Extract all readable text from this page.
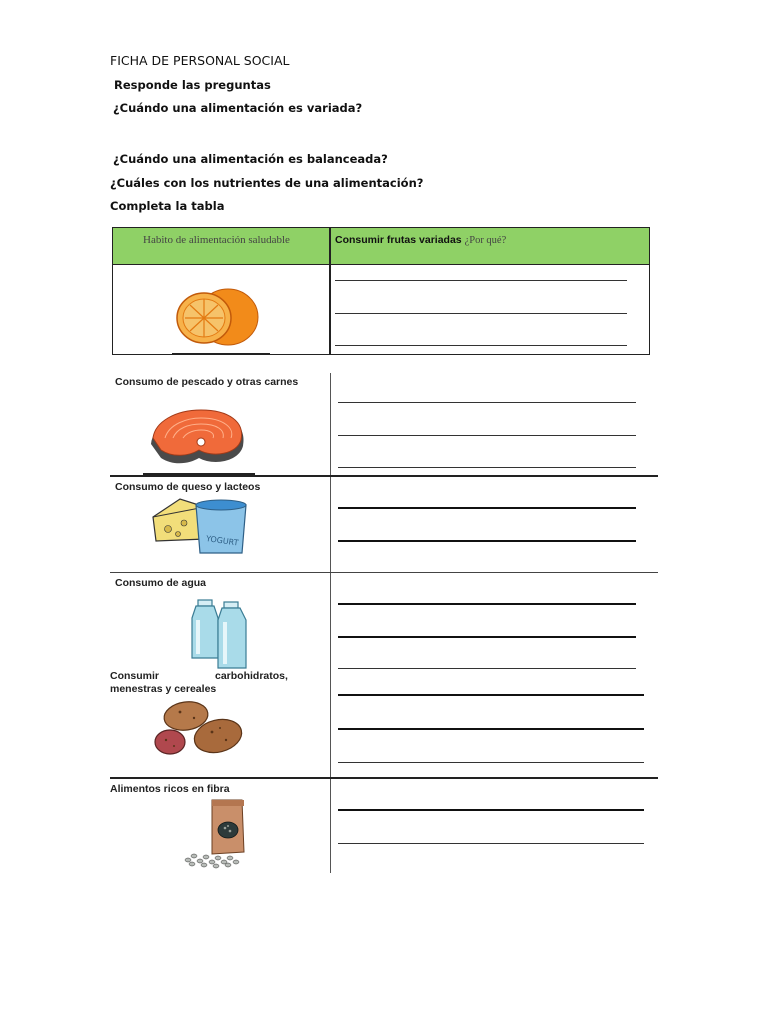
FICHA DE PERSONAL SOCIAL
Responde las preguntas
¿Cuándo una alimentación es variada?
¿Cuándo una alimentación es balanceada?
¿Cuáles con los nutrientes de una alimentación?
Completa la tabla
Habito de alimentación saludable	Consumir frutas variadas ¿Por qué?
Consumo de pescado y otras carnes
Consumo de queso y lacteos
YOGURT
Consumo de agua
Consumir	carbohidratos,
menestras y cereales
Alimentos ricos en fibra
